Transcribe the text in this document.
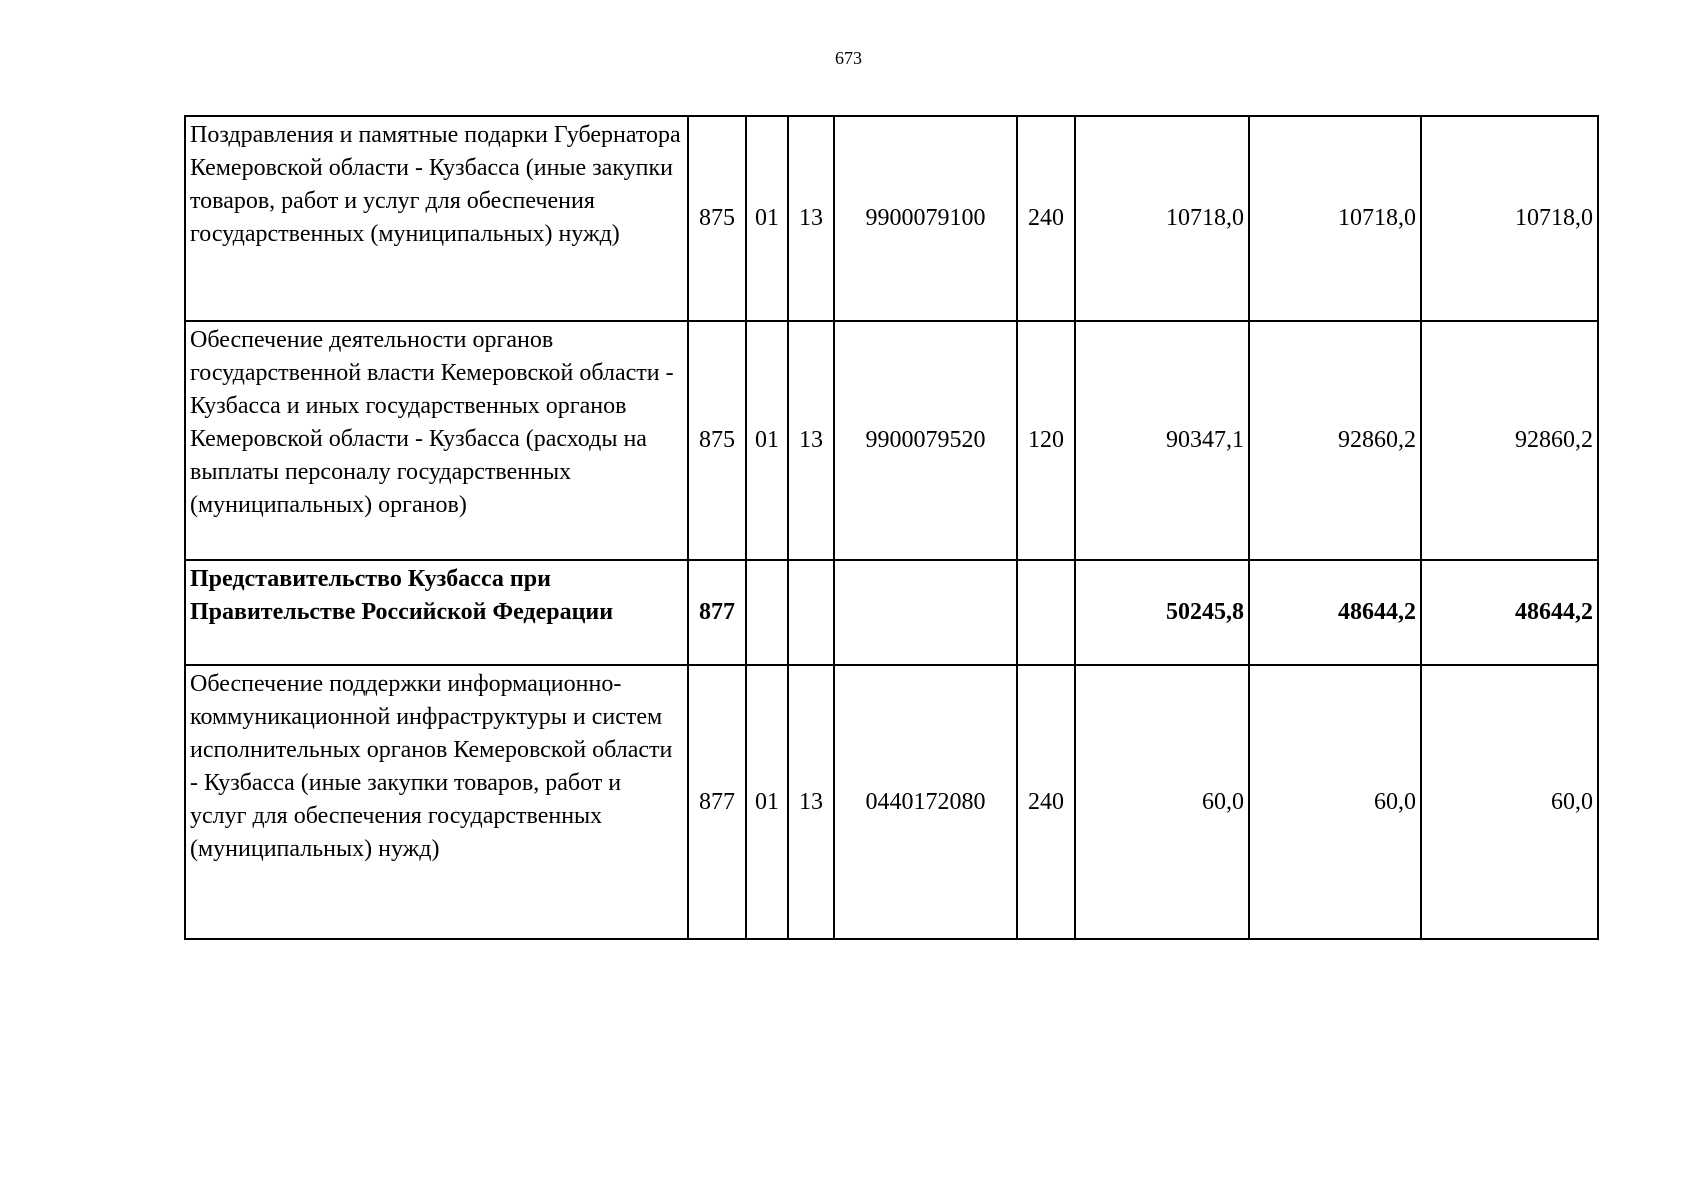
673
Поздравления и памятные подарки Губернатора Кемеровской области - Кузбасса (иные закупки товаров, работ и услуг для обеспечения государственных (муниципальных) нужд)	875	01	13	9900079100	240	10718,0	10718,0	10718,0
Обеспечение деятельности органов государственной власти Кемеровской области - Кузбасса и иных государственных органов Кемеровской области - Кузбасса (расходы на выплаты персоналу государственных (муниципальных) органов)	875	01	13	9900079520	120	90347,1	92860,2	92860,2
Представительство Кузбасса при Правительстве Российской Федерации	877					50245,8	48644,2	48644,2
Обеспечение поддержки информационно-коммуникационной инфраструктуры и систем исполнительных органов Кемеровской области - Кузбасса (иные закупки товаров, работ и услуг для обеспечения государственных (муниципальных) нужд)	877	01	13	0440172080	240	60,0	60,0	60,0
